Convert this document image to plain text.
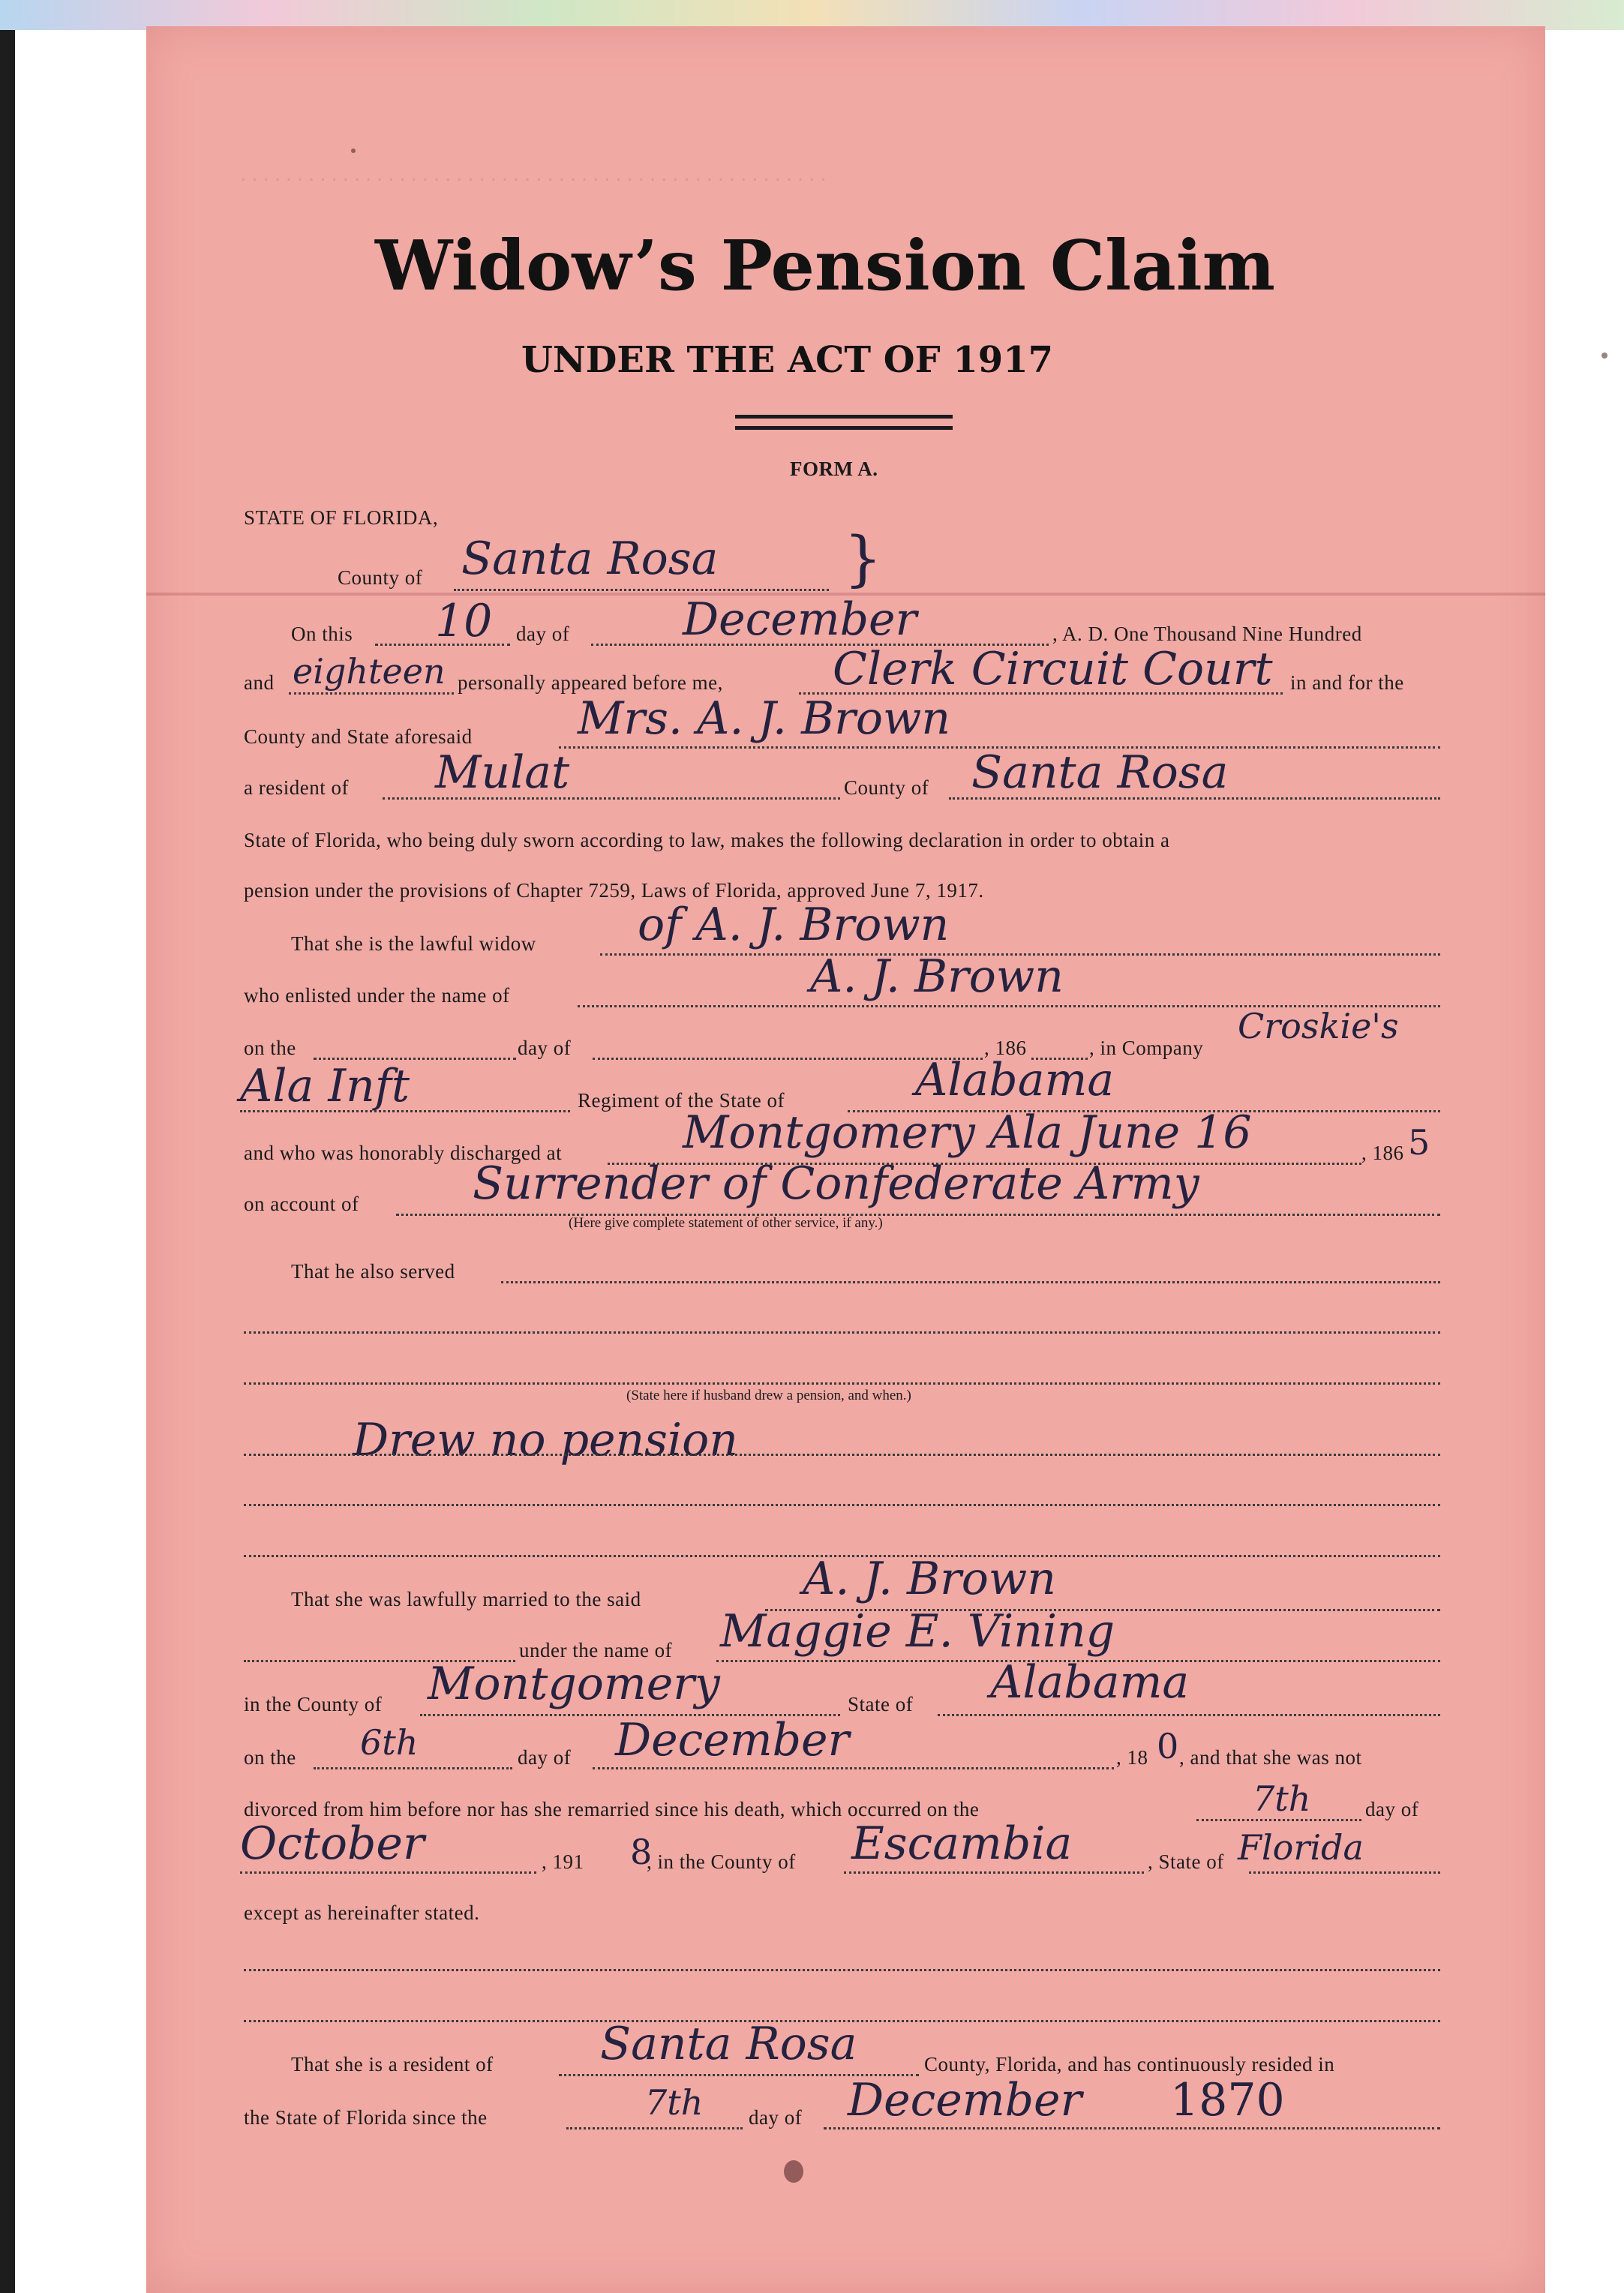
· · · · · · · · · · · · · · · · · · · · · · · · · · · · · · · · · · · · · · · · · · · · · · · · · · · ·
Widow’s Pension Claim
UNDER THE ACT OF 1917
FORM A.
STATE OF FLORIDA,
County of Santa Rosa }
On this 10 day of	December	, A. D. One Thousand Nine Hundred
and eighteen personally appeared before me, Clerk Circuit Court in and for the
County and State aforesaid Mrs. A. J. Brown
a resident of Mulat	County of Santa Rosa
State of Florida, who being duly sworn according to law, makes the following declaration in order to obtain a
pension under the provisions of Chapter 7259, Laws of Florida, approved June 7, 1917.
That she is the lawful widow of A. J. Brown
who enlisted under the name of	A. J. Brown
on the	day of	, 186	, in Company
Croskie's
Ala Inft	Regiment of the State of	Alabama
and who was honorably discharged at	Montgomery Ala June 16	, 186 5
on account of	Surrender of Confederate Army
(Here give complete statement of other service, if any.)
That he also served
(State here if husband drew a pension, and when.)
Drew no pension
That she was lawfully married to the said	A. J. Brown
under the name of Maggie E. Vining
in the County of Montgomery	State of Alabama
on the 6th	day of December	, 18 0 , and that she was not
divorced from him before nor has she remarried since his death, which occurred on the	7th	day of
October	, 191 8
, in the County of Escambia	, State of Florida
except as hereinafter stated.
That she is a resident of Santa Rosa	County, Florida, and has continuously resided in
the State of Florida since the	7th day of December 1870
